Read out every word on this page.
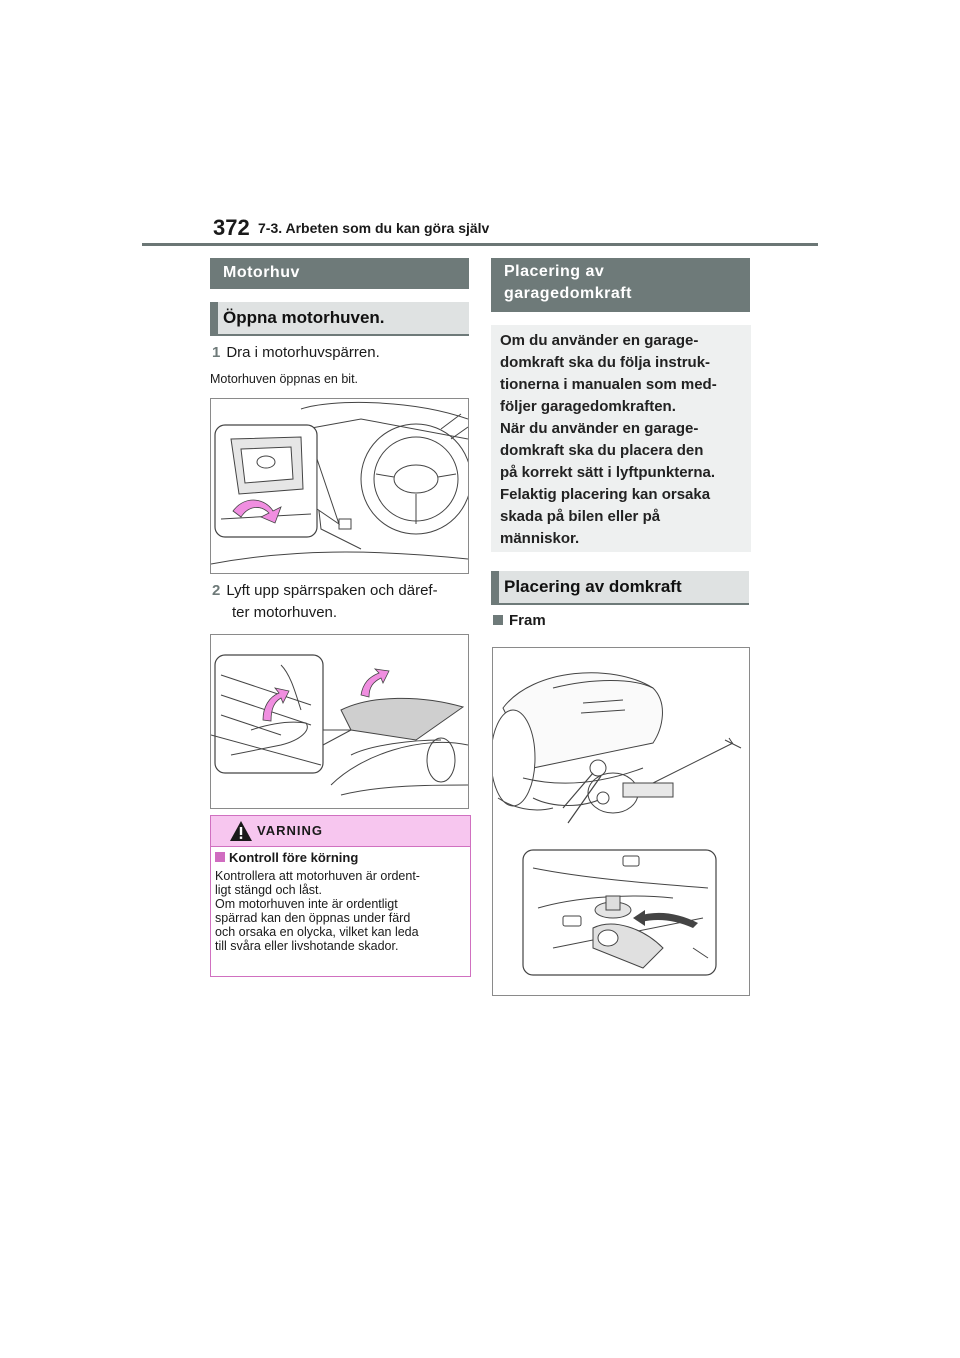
372 7-3. Arbeten som du kan göra själv
Motorhuv
Öppna motorhuven.
1 Dra i motorhuvspärren.
Motorhuven öppnas en bit.
2 Lyft upp spärrspaken och däref-
ter motorhuven.
VARNING
Kontroll före körning
Kontrollera att motorhuven är ordent-
ligt stängd och låst.
Om motorhuven inte är ordentligt
spärrad kan den öppnas under färd
och orsaka en olycka, vilket kan leda
till svåra eller livshotande skador.
Placering av
garagedomkraft
Om du använder en garage-
domkraft ska du följa instruk-
tionerna i manualen som med-
följer garagedomkraften.
När du använder en garage-
domkraft ska du placera den
på korrekt sätt i lyftpunkterna.
Felaktig placering kan orsaka
skada på bilen eller på
människor.
Placering av domkraft
Fram
